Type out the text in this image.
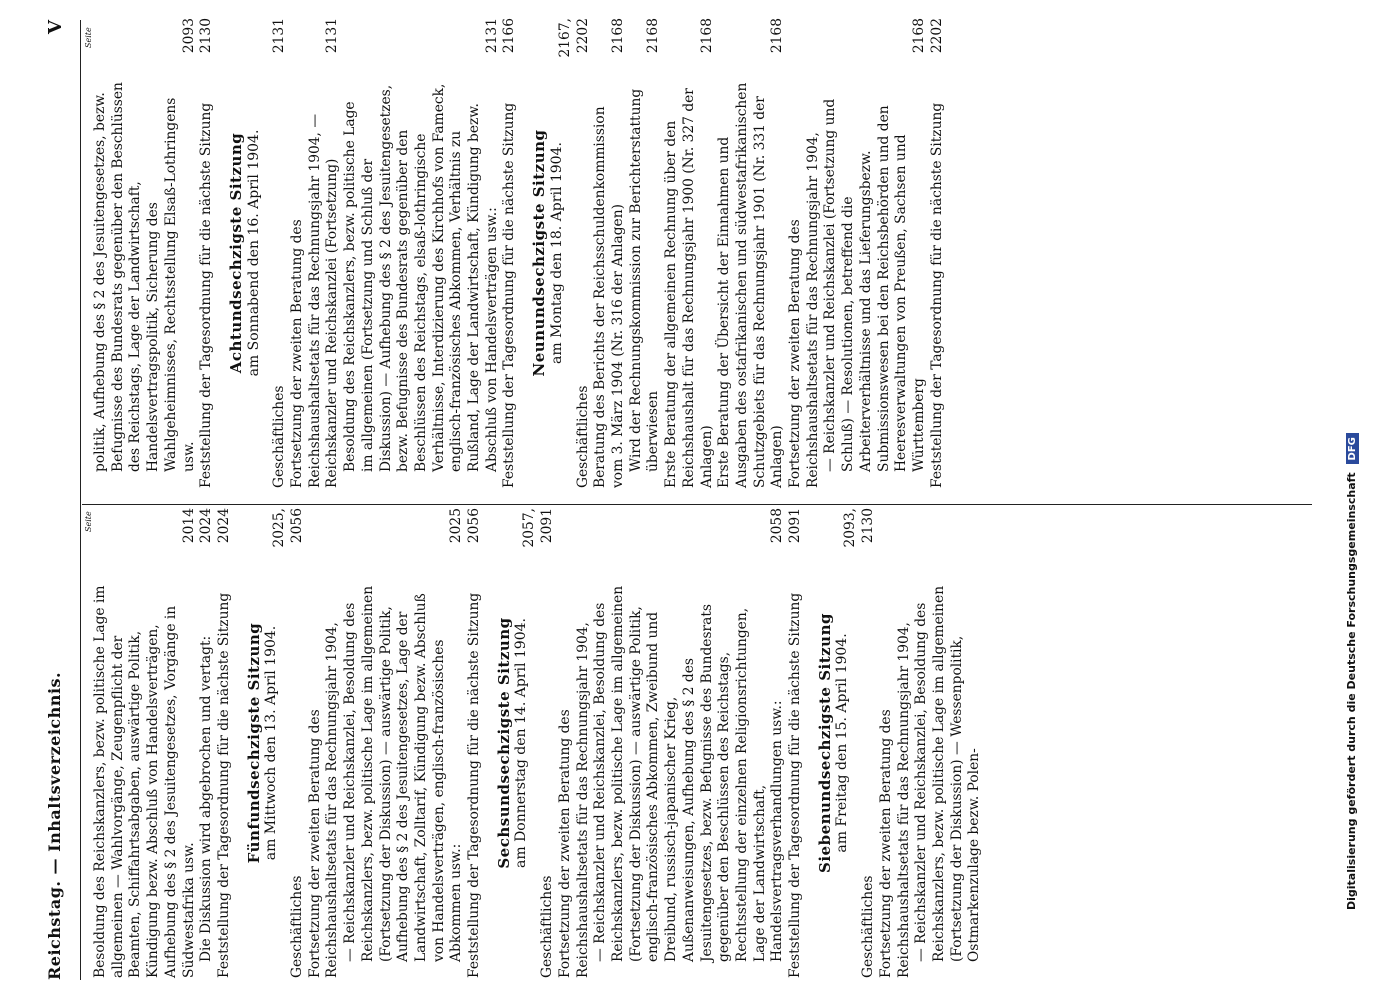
Reichstag. — Inhaltsverzeichnis.
V
Seite
Seite
Besoldung des Reichskanzlers, bezw. politische Lage im allgemeinen — Wahlvorgänge, Zeugenpflicht der Beamten, Schiffahrtsabgaben, auswärtige Politik, Kündigung bezw. Abschluß von Handelsverträgen, Aufhebung des § 2 des Jesuitengesetzes, Vorgänge in Südwestafrika usw.
2014
Die Diskussion wird abgebrochen und vertagt:
2024
Feststellung der Tagesordnung für die nächste Sitzung
2024
Fünfundsechzigste Sitzung am Mittwoch den 13. April 1904.
Geschäftliches
2025, 2056
Fortsetzung der zweiten Beratung des Reichshaushaltsetats für das Rechnungsjahr 1904, — Reichskanzler und Reichskanzlei, Besoldung des Reichskanzlers, bezw. politische Lage im allgemeinen (Fortsetzung der Diskussion) — auswärtige Politik, Aufhebung des § 2 des Jesuitengesetzes, Lage der Landwirtschaft, Zolltarif, Kündigung bezw. Abschluß von Handelsverträgen, englisch-französisches Abkommen usw.:
2025
Feststellung der Tagesordnung für die nächste Sitzung
2056
Sechsundsechzigste Sitzung am Donnerstag den 14. April 1904.
Geschäftliches
2057, 2091
Fortsetzung der zweiten Beratung des Reichshaushaltsetats für das Rechnungsjahr 1904, — Reichskanzler und Reichskanzlei, Besoldung des Reichskanzlers, bezw. politische Lage im allgemeinen (Fortsetzung der Diskussion) — auswärtige Politik, englisch-französisches Abkommen, Zweibund und Dreibund, russisch-japanischer Krieg, Außenanweisungen, Aufhebung des § 2 des Jesuitengesetzes, bezw. Befugnisse des Bundesrats gegenüber den Beschlüssen des Reichstags, Rechtsstellung der einzelnen Religionsrichtungen, Lage der Landwirtschaft, Handelsvertragsverhandlungen usw.:
2058
Feststellung der Tagesordnung für die nächste Sitzung
2091
Siebenundsechzigste Sitzung am Freitag den 15. April 1904.
Geschäftliches
2093, 2130
Fortsetzung der zweiten Beratung des Reichshaushaltsetats für das Rechnungsjahr 1904, — Reichskanzler und Reichskanzlei, Besoldung des Reichskanzlers, bezw. politische Lage im allgemeinen (Fortsetzung der Diskussion) — Wessenpolitik, Ostmarkenzulage bezw. Polen-
politik, Aufhebung des § 2 des Jesuitengesetzes, bezw. Befugnisse des Bundesrats gegenüber den Beschlüssen des Reichstags, Lage der Landwirtschaft, Handelsvertragspolitik, Sicherung des Wahlgeheimnisses, Rechtsstellung Elsaß-Lothringens usw.
2093
Feststellung der Tagesordnung für die nächste Sitzung
2130
Achtundsechzigste Sitzung am Sonnabend den 16. April 1904.
Geschäftliches
2131
Fortsetzung der zweiten Beratung des Reichshaushaltsetats für das Rechnungsjahr 1904, — Reichskanzler und Reichskanzlei (Fortsetzung)
2131
Besoldung des Reichskanzlers, bezw. politische Lage im allgemeinen (Fortsetzung und Schluß der Diskussion) — Aufhebung des § 2 des Jesuitengesetzes, bezw. Befugnisse des Bundesrats gegenüber den Beschlüssen des Reichstags, elsaß-lothringische Verhältnisse, Interdizierung des Kirchhofs von Fameck, englisch-französisches Abkommen, Verhältnis zu Rußland, Lage der Landwirtschaft, Kündigung bezw. Abschluß von Handelsverträgen usw.:
2131
Feststellung der Tagesordnung für die nächste Sitzung
2166
Neunundsechzigste Sitzung am Montag den 18. April 1904.
Geschäftliches
2167, 2202
Beratung des Berichts der Reichsschuldenkommission vom 3. März 1904 (Nr. 316 der Anlagen)
2168
Wird der Rechnungskommission zur Berichterstattung überwiesen
2168
Erste Beratung der allgemeinen Rechnung über den Reichshaushalt für das Rechnungsjahr 1900 (Nr. 327 der Anlagen)
2168
Erste Beratung der Übersicht der Einnahmen und Ausgaben des ostafrikanischen und südwestafrikanischen Schutzgebiets für das Rechnungsjahr 1901 (Nr. 331 der Anlagen)
2168
Fortsetzung der zweiten Beratung des Reichshaushaltsetats für das Rechnungsjahr 1904, — Reichskanzler und Reichskanzlei (Fortsetzung und Schluß) — Resolutionen, betreffend die Arbeiterverhältnisse und das Lieferungsbezw. Submissionswesen bei den Reichsbehörden und den Heeresverwaltungen von Preußen, Sachsen und Württemberg
2168
Feststellung der Tagesordnung für die nächste Sitzung
2202
Digitalisierung gefördert durch die Deutsche Forschungsgemeinschaft DFG
